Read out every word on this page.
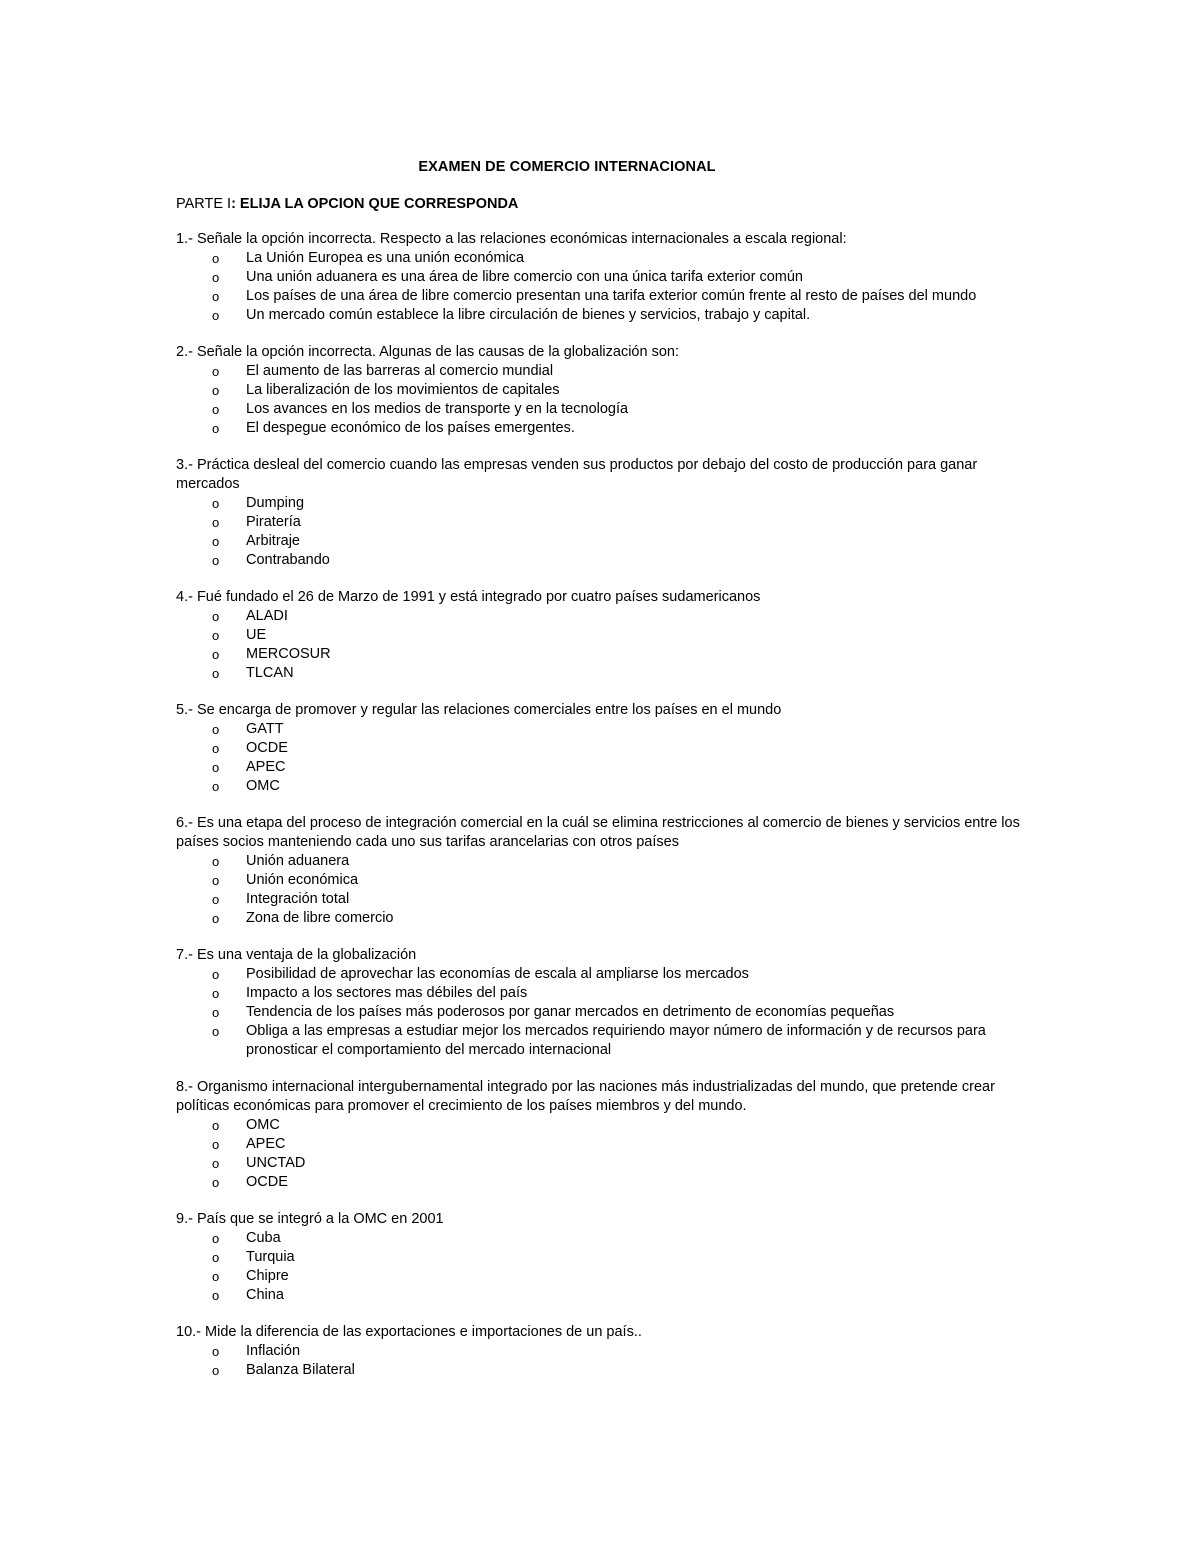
EXAMEN DE COMERCIO INTERNACIONAL

PARTE I: ELIJA LA OPCION QUE CORRESPONDA

1.- Señale la opción incorrecta. Respecto a las relaciones económicas internacionales a escala regional:

o La Unión Europea es una unión económica
o Una unión aduanera es una área de libre comercio con una única tarifa exterior común
o Los países de una área de libre comercio presentan una tarifa exterior común frente al resto de países del mundo
o Un mercado común establece la libre circulación de bienes y servicios, trabajo y capital.

2.- Señale la opción incorrecta. Algunas de las causas de la globalización son:

o El aumento de las barreras al comercio mundial
o La liberalización de los movimientos de capitales
o Los avances en los medios de transporte y en la tecnología
o El despegue económico de los países emergentes.

3.- Práctica desleal del comercio cuando las empresas venden sus productos por debajo del costo de producción para ganar mercados

o Dumping
o Piratería
o Arbitraje
o Contrabando

4.- Fué fundado el 26 de Marzo de 1991 y está integrado por cuatro países sudamericanos

o ALADI
o UE
o MERCOSUR
o TLCAN

5.- Se encarga de promover y regular las relaciones comerciales entre los países en el mundo

o GATT
o OCDE
o APEC
o OMC

6.- Es una etapa del proceso de integración comercial en la cuál se elimina restricciones al comercio de bienes y servicios entre los países socios manteniendo cada uno sus tarifas arancelarias con otros países

o Unión aduanera
o Unión económica
o Integración total
o Zona de libre comercio

7.- Es una ventaja de la globalización

o Posibilidad de aprovechar las economías de escala al ampliarse los mercados
o Impacto a los sectores mas débiles del país
o Tendencia de los países más poderosos por ganar mercados en detrimento de economías pequeñas
o Obliga a las empresas a estudiar mejor los mercados requiriendo mayor número de información y de recursos para pronosticar el comportamiento del mercado internacional

8.- Organismo internacional intergubernamental integrado por las naciones más industrializadas del mundo, que pretende crear políticas económicas para promover el crecimiento de los países miembros y del mundo.

o OMC
o APEC
o UNCTAD
o OCDE

9.- País que se integró a la OMC en 2001

o Cuba
o Turquia
o Chipre
o China

10.- Mide la diferencia de las exportaciones e importaciones de un país..

o Inflación
o Balanza Bilateral
